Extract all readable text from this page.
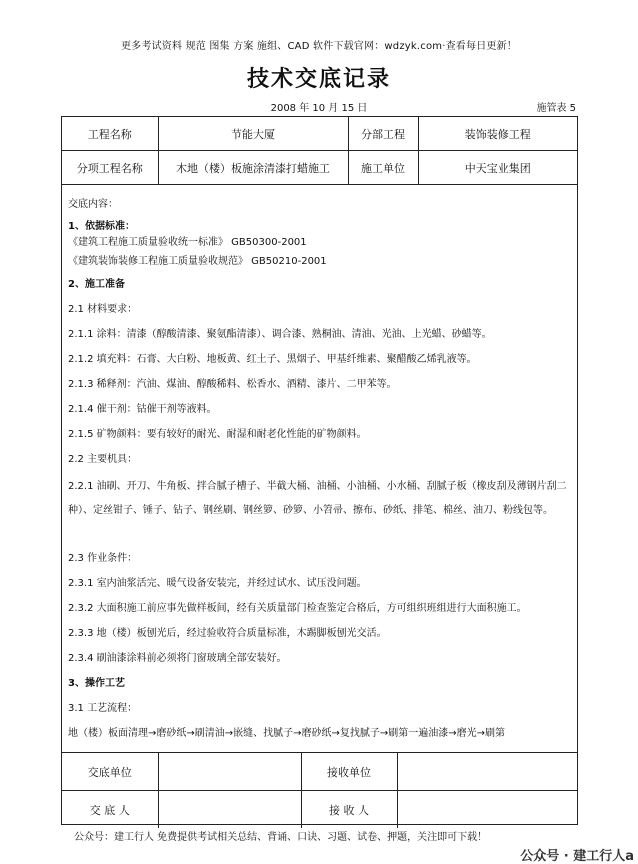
更多考试资料 规范 图集 方案 施组、CAD 软件下载官网：wdzyk.com·查看每日更新！
技术交底记录
2008 年 10 月 15 日	施管表 5
工程名称	节能大厦	分部工程	装饰装修工程
分项工程名称	木地（楼）板施涂清漆打蜡施工	施工单位	中天宝业集团
交底内容：
1、依据标准：
《建筑工程施工质量验收统一标准》 GB50300-2001
《建筑装饰装修工程施工质量验收规范》 GB50210-2001
2、施工准备
2.1 材料要求：
2.1.1 涂料：清漆（醇酸清漆、聚氨酯清漆）、调合漆、熟桐油、清油、光油、上光蜡、砂蜡等。
2.1.2 填充料：石膏、大白粉、地板黄、红土子、黑烟子、甲基纤维素、聚醋酸乙烯乳液等。
2.1.3 稀释剂：汽油、煤油、醇酸稀料、松香水、酒精、漆片、二甲苯等。
2.1.4 催干剂：钴催干剂等液料。
2.1.5 矿物颜料：要有较好的耐光、耐湿和耐老化性能的矿物颜料。
2.2 主要机具：
2.2.1 油刷、开刀、牛角板、拌合腻子槽子、半截大桶、油桶、小油桶、小水桶、刮腻子板（橡皮刮及薄钢片刮二种）、定丝钳子、锤子、钻子、钢丝刷、钢丝箩、砂箩、小笤帚、擦布、砂纸、排笔、棉丝、油刀、粉线包等。
2.3 作业条件：
2.3.1 室内油浆活完、暖气设备安装完，并经过试水、试压没问题。
2.3.2 大面积施工前应事先做样板间，经有关质量部门检查鉴定合格后，方可组织班组进行大面积施工。
2.3.3 地（楼）板刨光后，经过验收符合质量标准，木踢脚板刨光交活。
2.3.4 刷油漆涂料前必须将门窗玻璃全部安装好。
3、操作工艺
3.1 工艺流程：
地（楼）板面清理→磨砂纸→刷清油→嵌缝、找腻子→磨砂纸→复找腻子→刷第一遍油漆→磨光→刷第
交底单位		接收单位	
交 底 人		接 收 人	
公众号：建工行人 免费提供考试相关总结、背诵、口诀、习题、试卷、押题，关注即可下载！
公众号 · 建工行人a
